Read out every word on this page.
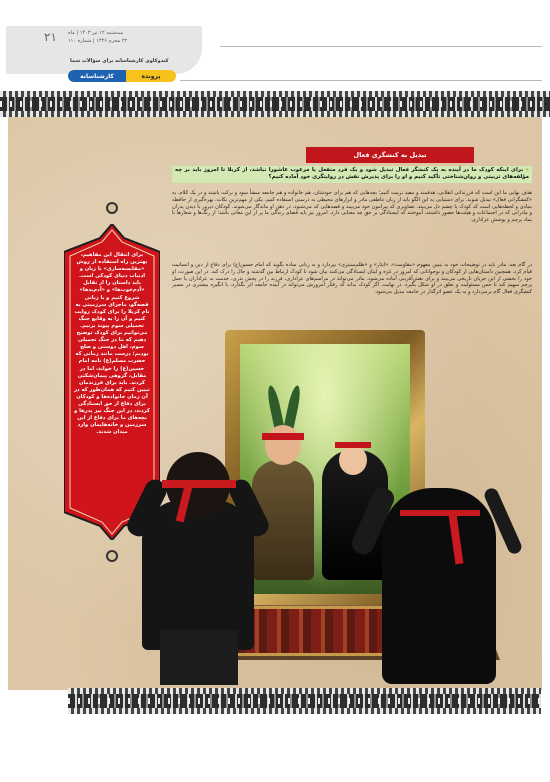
۲۱ سه‌شنبه ۱۲ تیر ۱۴۰۳ | ماه
۲۲ محرم ۱۴۴۶ | شماره ۱۱۰
کندوکاوی کارشناسانه برای سؤالات شما
کارشناسانه	پرونده
تبدیل به کنشگری فعال
« برای اینکه کودک ما در آینده به یک کنشگر فعال تبدیل شود و یک فرد منفعل یا مرعوب عاشورا نباشد، از کربلا تا امروز باید بر چه مؤلفه‌های تربیتی و روان‌شناختی تأکید کنیم و او را برای پذیرش نقش در روایتگری خود آماده کنیم؟
هدف نهایی ما این است که فرزندانی انقلابی، هدفمند و مفید تربیت کنیم؛ بچه‌هایی که هم برای خودشان، هم خانواده و هم جامعه منشأ سود و برکت باشند و در یک کلام، به «کنشگرانی فعال» تبدیل شوند. برای دستیابی به این الگو باید از زبان عاطفی مادر و ابزارهای محیطی به درستی استفاده کنیم. یکی از مهم‌ترین نکات، بهره‌گیری از حافظه بنیادی و لحظه‌هایی است که کودک با چشم دل می‌بیند. تصاویری که پیرامون خود می‌بیند و قصه‌هایی که می‌شنود، در ذهن او ماندگار می‌شوند. کودکان دیروز با دیدن پدران و مادرانی که در اجتماعات و هیئت‌ها حضور داشتند، آموختند که ایستادگی بر حق چه معنایی دارد. امروز نیز باید فضای زندگی ما پر از این معانی باشد؛ از رنگ‌ها و شعارها تا نماد پرچم و پوشش عزاداری.
در گام بعد، مادر باید در توضیحات خود به تبیین مفهوم «مقاومت»، «ایثار» و «ظلم‌ستیزی» بپردازد و به زبانی ساده بگوید که امام حسین(ع) برای دفاع از دین و انسانیت قیام کرد. همچنین داستان‌هایی از کودکان و نوجوانانی که امروز در غزه و لبنان ایستادگی می‌کنند بیان شود تا کودک ارتباط بین گذشته و حال را درک کند. در این صورت، او خود را بخشی از این جریان تاریخی می‌بیند و برای نقش‌آفرینی آماده می‌شود. مادر می‌تواند در مراسم‌های عزاداری، فرزند را در پخش نذری، خدمت به عزاداران یا حمل پرچم سهیم کند تا حس مسئولیت و تعلق در او شکل بگیرد. در نهایت، اگر کودک بداند که رفتار امروزش می‌تواند در آینده جامعه اثر بگذارد، با انگیزه بیشتری در مسیر کنشگری فعال گام برمی‌دارد و به یک عضو اثرگذار در جامعه تبدیل می‌شود.
برای انتقال این مفاهیم، بهترین راه استفاده از روش «مقایسه‌سازی» با زبان و ادبیات دنیای کودکی است. باید داستان را از تقابل «آدم‌خوب‌ها» و «آدم‌بدها» شروع کنیم و با زبانی قصه‌گو، ماجرای سرزمینی به نام کربلا را برای کودک روایت کنیم و آن را به وقایع جنگ تحمیلی سوم پیوند بزنیم. می‌توانیم برای کودک توضیح دهیم که ما در جنگ تحمیلی سوم، اهل دوستی و صلح بودیم؛ درست مانند زمانی که حضرت مسلم(ع) نامه امام حسین(ع) را خواند، اما در مقابل، گروهی پیمان‌شکنی کردند. باید برای فرزندمان تبیین کنیم که همان‌طور که در آن زمان خانواده‌ها و کودکان برای دفاع از حق ایستادگی کردند، در این جنگ نیز پدرها و بچه‌های ما برای دفاع از این سرزمین و خانه‌هایمان وارد میدان شدند.
